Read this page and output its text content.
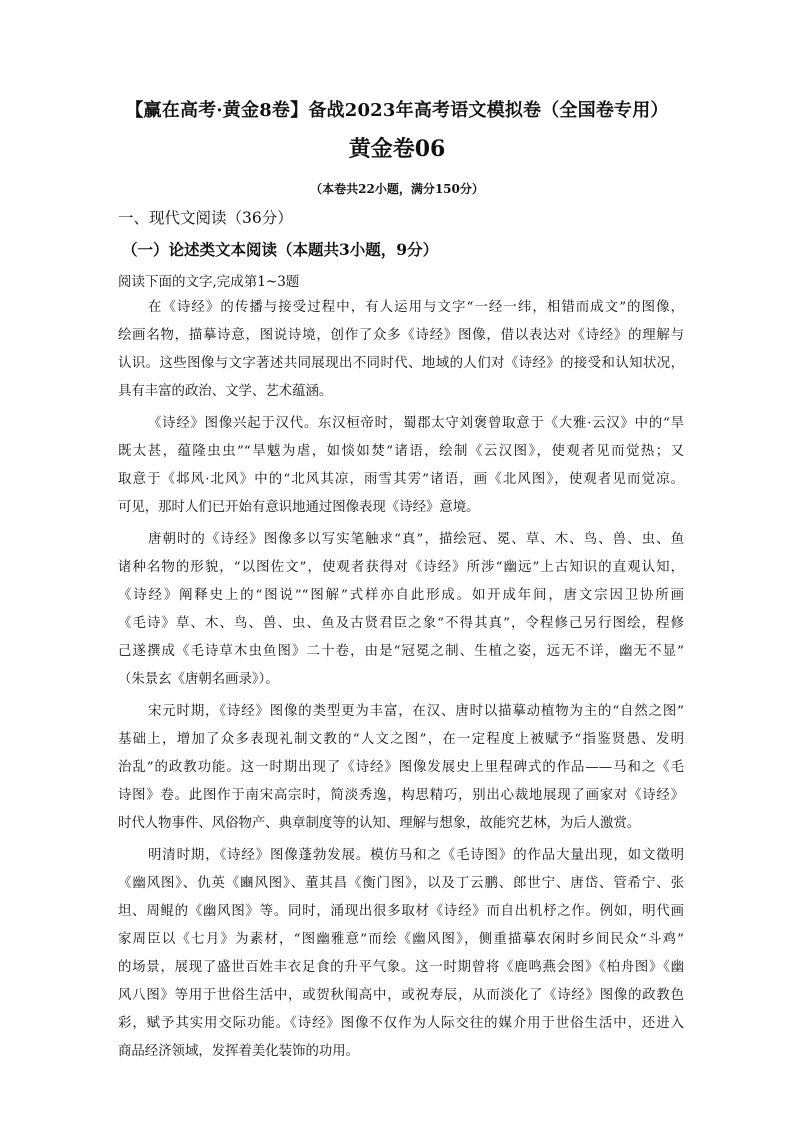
【赢在高考·黄金8卷】备战2023年高考语文模拟卷（全国卷专用）
黄金卷06
（本卷共22小题，满分150分）
一、现代文阅读（36分）
（一）论述类文本阅读（本题共3小题，9分）
阅读下面的文字,完成第1~3题
在《诗经》的传播与接受过程中，有人运用与文字“一经一纬，相错而成文”的图像，
绘画名物，描摹诗意，图说诗境，创作了众多《诗经》图像，借以表达对《诗经》的理解与
认识。这些图像与文字著述共同展现出不同时代、地域的人们对《诗经》的接受和认知状况，
具有丰富的政治、文学、艺术蕴涵。
《诗经》图像兴起于汉代。东汉桓帝时，蜀郡太守刘褒曾取意于《大雅·云汉》中的“旱
既太甚，蕴隆虫虫”“旱魃为虐，如惔如焚”诸语，绘制《云汉图》，使观者见而觉热；又
取意于《邶风·北风》中的“北风其凉，雨雪其雱”诸语，画《北风图》，使观者见而觉凉。
可见，那时人们已开始有意识地通过图像表现《诗经》意境。
唐朝时的《诗经》图像多以写实笔触求“真”，描绘冠、冕、草、木、鸟、兽、虫、鱼
诸种名物的形貌，“以图佐文”，使观者获得对《诗经》所涉“幽远”上古知识的直观认知，
《诗经》阐释史上的“图说”“图解”式样亦自此形成。如开成年间，唐文宗因卫协所画
《毛诗》草、木、鸟、兽、虫、鱼及古贤君臣之象“不得其真”，令程修己另行图绘，程修
己遂撰成《毛诗草木虫鱼图》二十卷，由是“冠冕之制、生植之姿，远无不详，幽无不显”
（朱景玄《唐朝名画录》）。
宋元时期，《诗经》图像的类型更为丰富，在汉、唐时以描摹动植物为主的“自然之图”
基础上，增加了众多表现礼制文教的“人文之图”，在一定程度上被赋予“指鉴贤愚、发明
治乱”的政教功能。这一时期出现了《诗经》图像发展史上里程碑式的作品——马和之《毛
诗图》卷。此图作于南宋高宗时，简淡秀逸，构思精巧，别出心裁地展现了画家对《诗经》
时代人物事件、风俗物产、典章制度等的认知、理解与想象，故能究艺林，为后人激赏。
明清时期，《诗经》图像蓬勃发展。模仿马和之《毛诗图》的作品大量出现，如文徵明
《幽风图》、仇英《豳风图》、董其昌《衡门图》，以及丁云鹏、郎世宁、唐岱、管希宁、张
坦、周鲲的《幽风图》等。同时，涌现出很多取材《诗经》而自出机杼之作。例如，明代画
家周臣以《七月》为素材，“图幽雅意”而绘《幽风图》，侧重描摹农闲时乡间民众“斗鸡”
的场景，展现了盛世百姓丰衣足食的升平气象。这一时期曾将《鹿鸣燕会图》《柏舟图》《幽
风八图》等用于世俗生活中，或贺秋闱高中，或祝寿辰，从而淡化了《诗经》图像的政教色
彩，赋予其实用交际功能。《诗经》图像不仅作为人际交往的媒介用于世俗生活中，还进入
商品经济领域，发挥着美化装饰的功用。
